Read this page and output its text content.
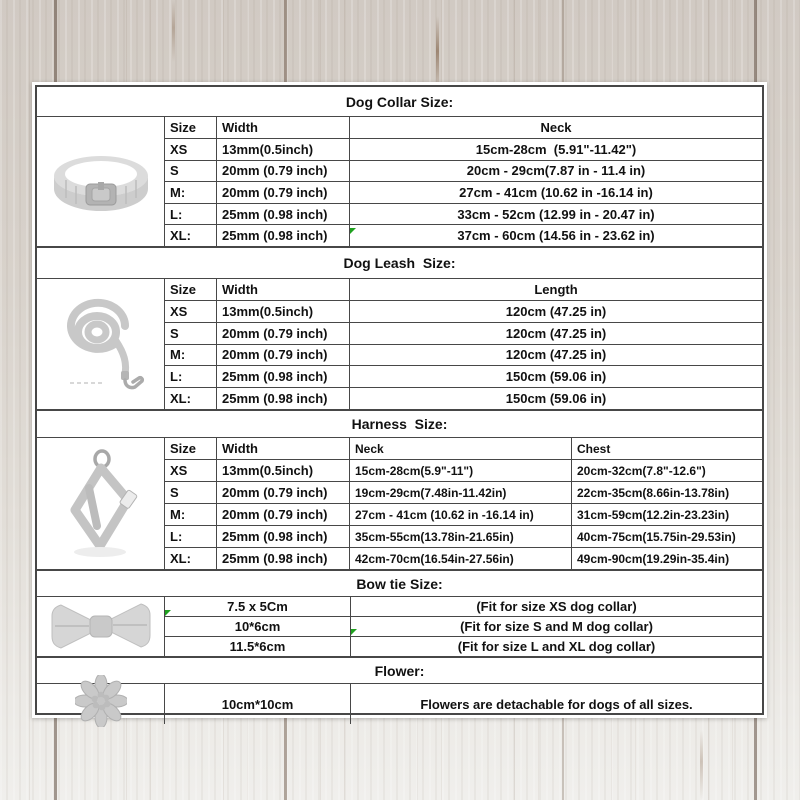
Dog Collar Size:
Size	Width	Neck
XS	13mm(0.5inch)	15cm-28cm  (5.91"-11.42")
S	20mm (0.79 inch)	20cm - 29cm(7.87 in - 11.4 in)
M:	20mm (0.79 inch)	27cm - 41cm (10.62 in -16.14 in)
L:	25mm (0.98 inch)	33cm - 52cm (12.99 in - 20.47 in)
XL:	25mm (0.98 inch)	37cm - 60cm (14.56 in - 23.62 in)
Dog Leash  Size:
Size	Width	Length
XS	13mm(0.5inch)	120cm (47.25 in)
S	20mm (0.79 inch)	120cm (47.25 in)
M:	20mm (0.79 inch)	120cm (47.25 in)
L:	25mm (0.98 inch)	150cm (59.06 in)
XL:	25mm (0.98 inch)	150cm (59.06 in)
Harness  Size:
Size	Width	Neck	Chest
XS	13mm(0.5inch)	15cm-28cm(5.9"-11")	20cm-32cm(7.8"-12.6")
S	20mm (0.79 inch)	19cm-29cm(7.48in-11.42in)	22cm-35cm(8.66in-13.78in)
M:	20mm (0.79 inch)	27cm - 41cm (10.62 in -16.14 in)	31cm-59cm(12.2in-23.23in)
L:	25mm (0.98 inch)	35cm-55cm(13.78in-21.65in)	40cm-75cm(15.75in-29.53in)
XL:	25mm (0.98 inch)	42cm-70cm(16.54in-27.56in)	49cm-90cm(19.29in-35.4in)
Bow tie Size:
7.5 x 5Cm	(Fit for size XS dog collar)
10*6cm	(Fit for size S and M dog collar)
11.5*6cm	(Fit for size L and XL dog collar)
Flower:
10cm*10cm	Flowers are detachable for dogs of all sizes.
